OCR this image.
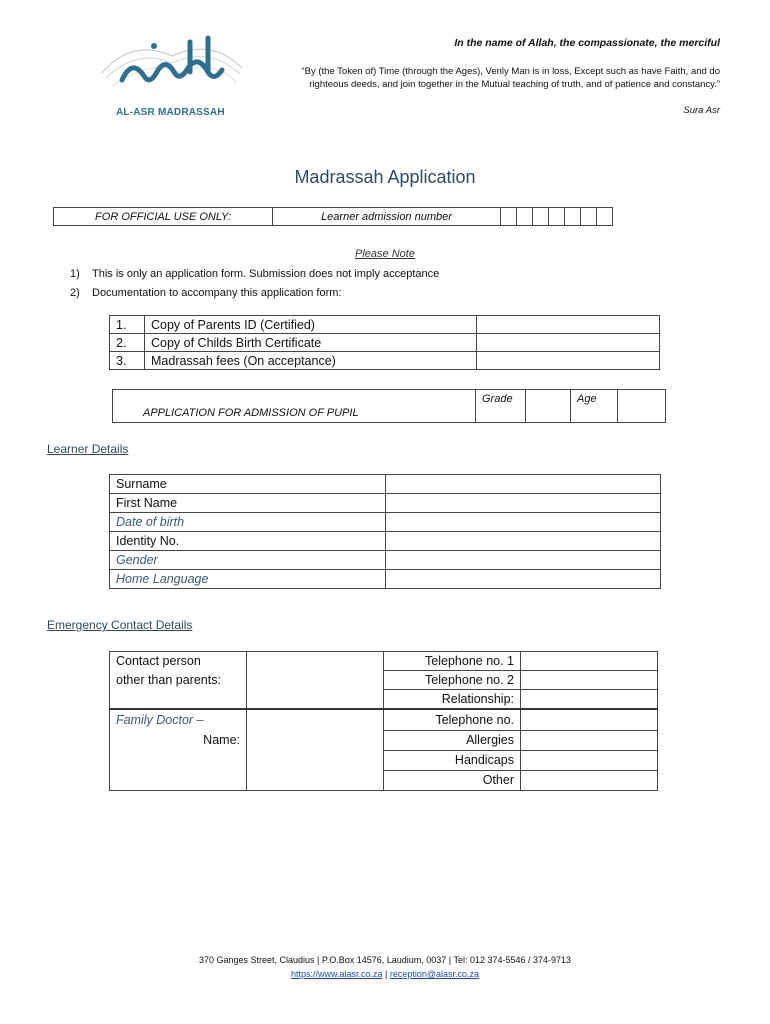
AL-ASR MADRASSAH
In the name of Allah, the compassionate, the merciful
“By (the Token of) Time (through the Ages), Verily Man is in loss, Except such as have Faith, and do righteous deeds, and join together in the Mutual teaching of truth, and of patience and constancy.”
Sura Asr
Madrassah Application
FOR OFFICIAL USE ONLY:	Learner admission number							
Please Note
1) This is only an application form. Submission does not imply acceptance
2) Documentation to accompany this application form:
1.	Copy of Parents ID (Certified)	
2.	Copy of Childs Birth Certificate	
3.	Madrassah fees (On acceptance)	
APPLICATION FOR ADMISSION OF PUPIL	Grade		Age	
Learner Details
Surname	
First Name	
Date of birth	
Identity No.	
Gender	
Home Language	
Emergency Contact Details
Contact person		Telephone no. 1	
other than parents:		Telephone no. 2	
		Relationship:	
Family Doctor –		Telephone no.	
Name:		Allergies	
		Handicaps	
		Other	
370 Ganges Street, Claudius | P.O.Box 14576, Laudium, 0037 | Tel: 012 374-5546 / 374-9713
https://www.alasr.co.za | reception@alasr.co.za
